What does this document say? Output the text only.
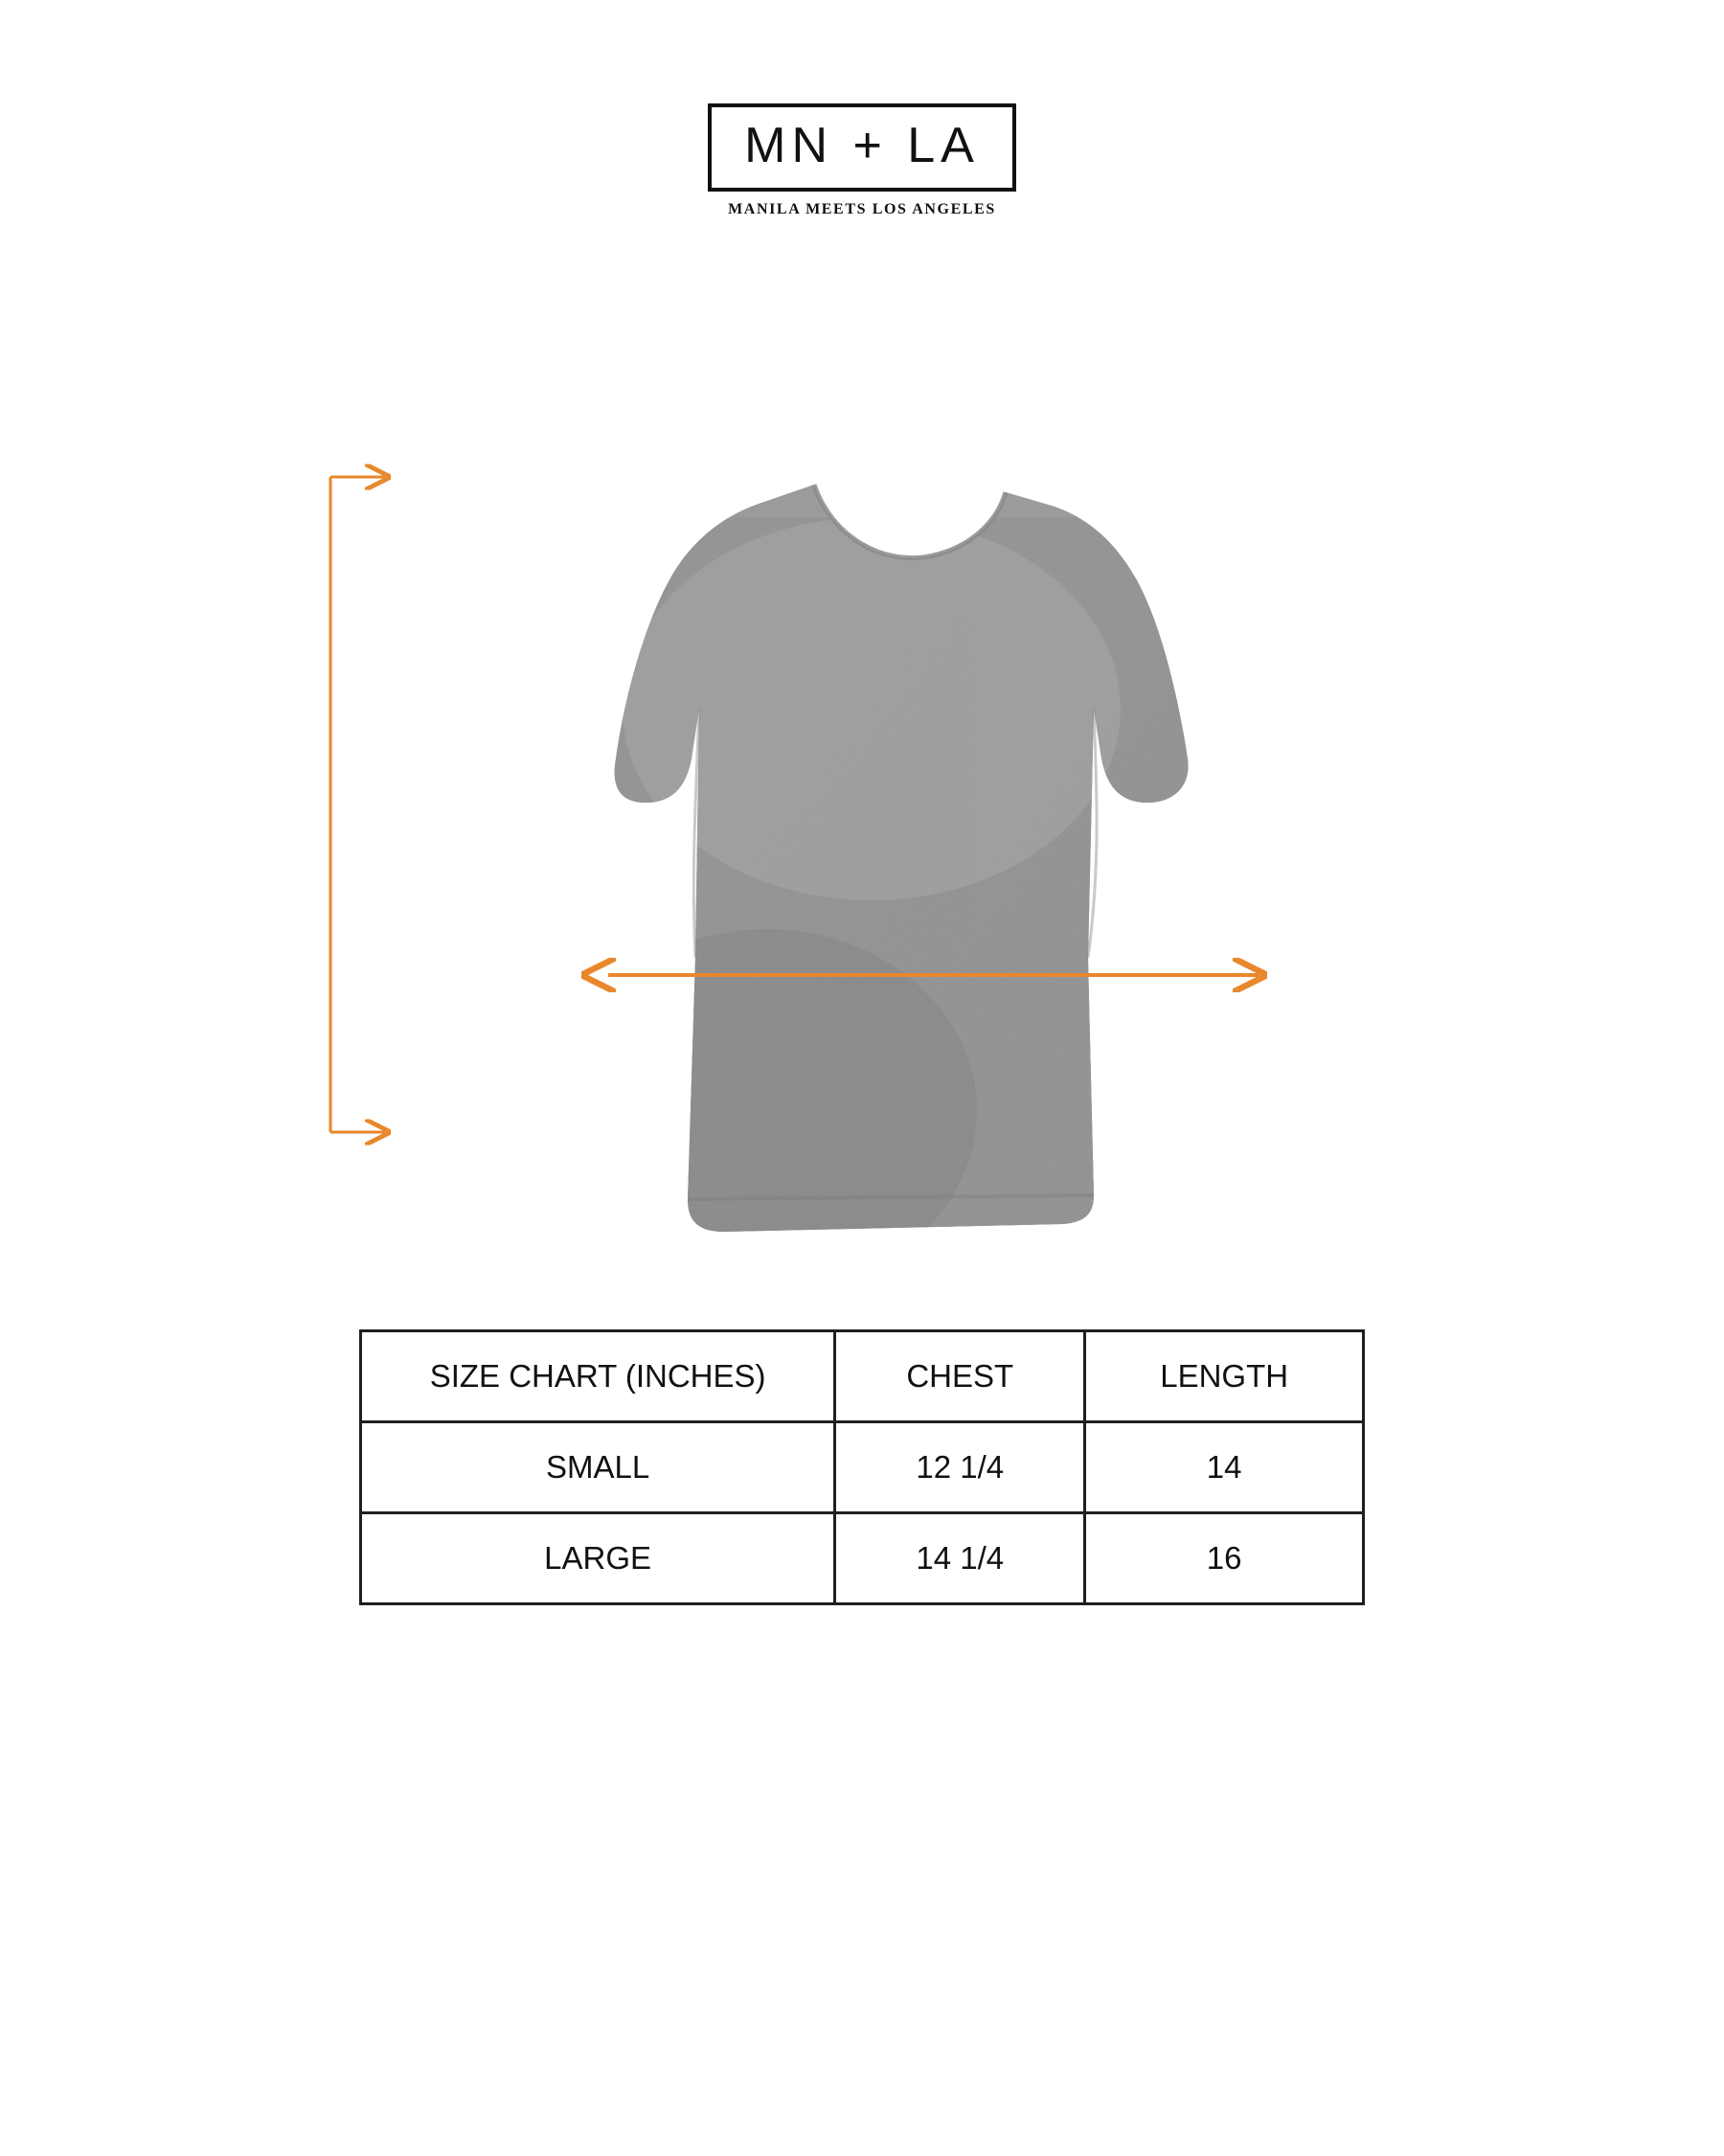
MN + LA
MANILA MEETS LOS ANGELES
SIZE CHART (INCHES)	CHEST	LENGTH
SMALL	12 1/4	14
LARGE	14 1/4	16
